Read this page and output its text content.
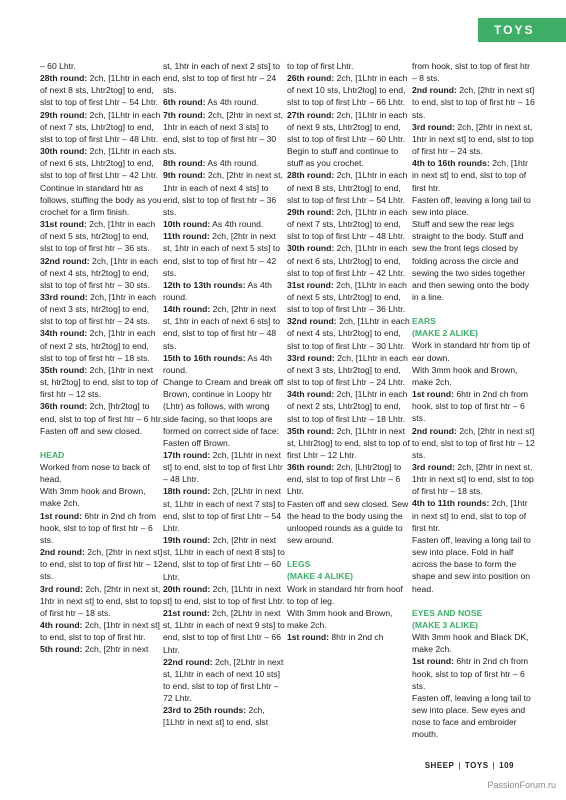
TOYS

– 60 Lhtr.

28th round: 2ch, [1Lhtr in each of next 8 sts, Lhtr2tog] to end, slst to top of first Lhtr – 54 Lhtr.

29th round: 2ch, [1Lhtr in each of next 7 sts, Lhtr2tog] to end, slst to top of first Lhtr – 48 Lhtr.

30th round: 2ch, [1Lhtr in each of next 6 sts, Lhtr2tog] to end, slst to top of first Lhtr – 42 Lhtr.

Continue in standard htr as follows, stuffing the body as you crochet for a firm finish.

31st round: 2ch, [1htr in each of next 5 sts, htr2tog] to end, slst to top of first htr – 36 sts.

32nd round: 2ch, [1htr in each of next 4 sts, htr2tog] to end, slst to top of first htr – 30 sts.

33rd round: 2ch, [1htr in each of next 3 sts, htr2tog] to end, slst to top of first htr – 24 sts.

34th round: 2ch, [1htr in each of next 2 sts, htr2tog] to end, slst to top of first htr – 18 sts.

35th round: 2ch, [1htr in next st, htr2tog] to end, slst to top of first htr – 12 sts.

36th round: 2ch, [htr2tog] to end, slst to top of first htr – 6 htr.

Fasten off and sew closed.

HEAD

Worked from nose to back of head.

With 3mm hook and Brown, make 2ch.

1st round: 6htr in 2nd ch from hook, slst to top of first htr – 6 sts.

2nd round: 2ch, [2htr in next st] to end, slst to top of first htr – 12 sts.

3rd round: 2ch, [2htr in next st, 1htr in next st] to end, slst to top of first htr – 18 sts.

4th round: 2ch, [1htr in next st] to end, slst to top of first htr.

5th round: 2ch, [2htr in next

st, 1htr in each of next 2 sts] to end, slst to top of first htr – 24 sts.

6th round: As 4th round.

7th round: 2ch, [2htr in next st, 1htr in each of next 3 sts] to end, slst to top of first htr – 30 sts.

8th round: As 4th round.

9th round: 2ch, [2htr in next st, 1htr in each of next 4 sts] to end, slst to top of first htr – 36 sts.

10th round: As 4th round.

11th round: 2ch, [2htr in next st, 1htr in each of next 5 sts] to end, slst to top of first htr – 42 sts.

12th to 13th rounds: As 4th round.

14th round: 2ch, [2htr in next st, 1htr in each of next 6 sts] to end, slst to top of first htr – 48 sts.

15th to 16th rounds: As 4th round.

Change to Cream and break off Brown, continue in Loopy htr (Lhtr) as follows, with wrong side facing, so that loops are formed on correct side of face:

Fasten off Brown.

17th round: 2ch, [1Lhtr in next st] to end, slst to top of first Lhtr – 48 Lhtr.

18th round: 2ch, [2Lhtr in next st, 1Lhtr in each of next 7 sts] to end, slst to top of first Lhtr – 54 Lhtr.

19th round: 2ch, [2htr in next st, 1Lhtr in each of next 8 sts] to end, slst to top of first Lhtr – 60 Lhtr.

20th round: 2ch, [1Lhtr in next st] to end, slst to top of first Lhtr.

21st round: 2ch, [2Lhtr in next st, 1Lhtr in each of next 9 sts] to end, slst to top of first Lhtr – 66 Lhtr.

22nd round: 2ch, [2Lhtr in next st, 1Lhtr in each of next 10 sts] to end, slst to top of first Lhtr – 72 Lhtr.

23rd to 25th rounds: 2ch, [1Lhtr in next st] to end, slst

to top of first Lhtr.

26th round: 2ch, [1Lhtr in each of next 10 sts, Lhtr2tog] to end, slst to top of first Lhtr – 66 Lhtr.

27th round: 2ch, [1Lhtr in each of next 9 sts, Lhtr2tog] to end, slst to top of first Lhtr – 60 Lhtr.

Begin to stuff and continue to stuff as you crochet.

28th round: 2ch, [1Lhtr in each of next 8 sts, Lhtr2tog] to end, slst to top of first Lhtr – 54 Lhtr.

29th round: 2ch, [1Lhtr in each of next 7 sts, Lhtr2tog] to end, slst to top of first Lhtr – 48 Lhtr.

30th round: 2ch, [1Lhtr in each of next 6 sts, Lhtr2tog] to end, slst to top of first Lhtr – 42 Lhtr.

31st round: 2ch, [1Lhtr in each of next 5 sts, Lhtr2tog] to end, slst to top of first Lhtr – 36 Lhtr.

32nd round: 2ch, [1Lhtr in each of next 4 sts, Lhtr2tog] to end, slst to top of first Lhtr – 30 Lhtr.

33rd round: 2ch, [1Lhtr in each of next 3 sts, Lhtr2tog] to end, slst to top of first Lhtr – 24 Lhtr.

34th round: 2ch, [1Lhtr in each of next 2 sts, Lhtr2tog] to end, slst to top of first Lhtr – 18 Lhtr.

35th round: 2ch, [1Lhtr in next st, Lhtr2tog] to end, slst to top of first Lhtr – 12 Lhtr.

36th round: 2ch, [Lhtr2tog] to end, slst to top of first Lhtr – 6 Lhtr.

Fasten off and sew closed. Sew the head to the body using the unlooped rounds as a guide to sew around.

LEGS

(MAKE 4 ALIKE)

Work in standard htr from hoof to top of leg.

With 3mm hook and Brown, make 2ch.

1st round: 8htr in 2nd ch

from hook, slst to top of first htr – 8 sts.

2nd round: 2ch, [2htr in next st] to end, slst to top of first htr – 16 sts.

3rd round: 2ch, [2htr in next st, 1htr in next st] to end, slst to top of first htr – 24 sts.

4th to 16th rounds: 2ch, [1htr in next st] to end, slst to top of first htr.

Fasten off, leaving a long tail to sew into place.

Stuff and sew the rear legs straight to the body. Stuff and sew the front legs closed by folding across the circle and sewing the two sides together and then sewing onto the body in a line.

EARS

(MAKE 2 ALIKE)

Work in standard htr from tip of ear down.

With 3mm hook and Brown, make 2ch.

1st round: 6htr in 2nd ch from hook, slst to top of first htr – 6 sts.

2nd round: 2ch, [2htr in next st] to end, slst to top of first htr – 12 sts.

3rd round: 2ch, [2htr in next st, 1htr in next st] to end, slst to top of first htr – 18 sts.

4th to 11th rounds: 2ch, [1htr in next st] to end, slst to top of first htr.

Fasten off, leaving a long tail to sew into place. Fold in half across the base to form the shape and sew into position on head.

EYES AND NOSE

(MAKE 3 ALIKE)

With 3mm hook and Black DK, make 2ch.

1st round: 6htr in 2nd ch from hook, slst to top of first htr – 6 sts.

Fasten off, leaving a long tail to sew into place. Sew eyes and nose to face and embroider mouth.

SHEEP | TOYS | 109
PassionForum.ru
